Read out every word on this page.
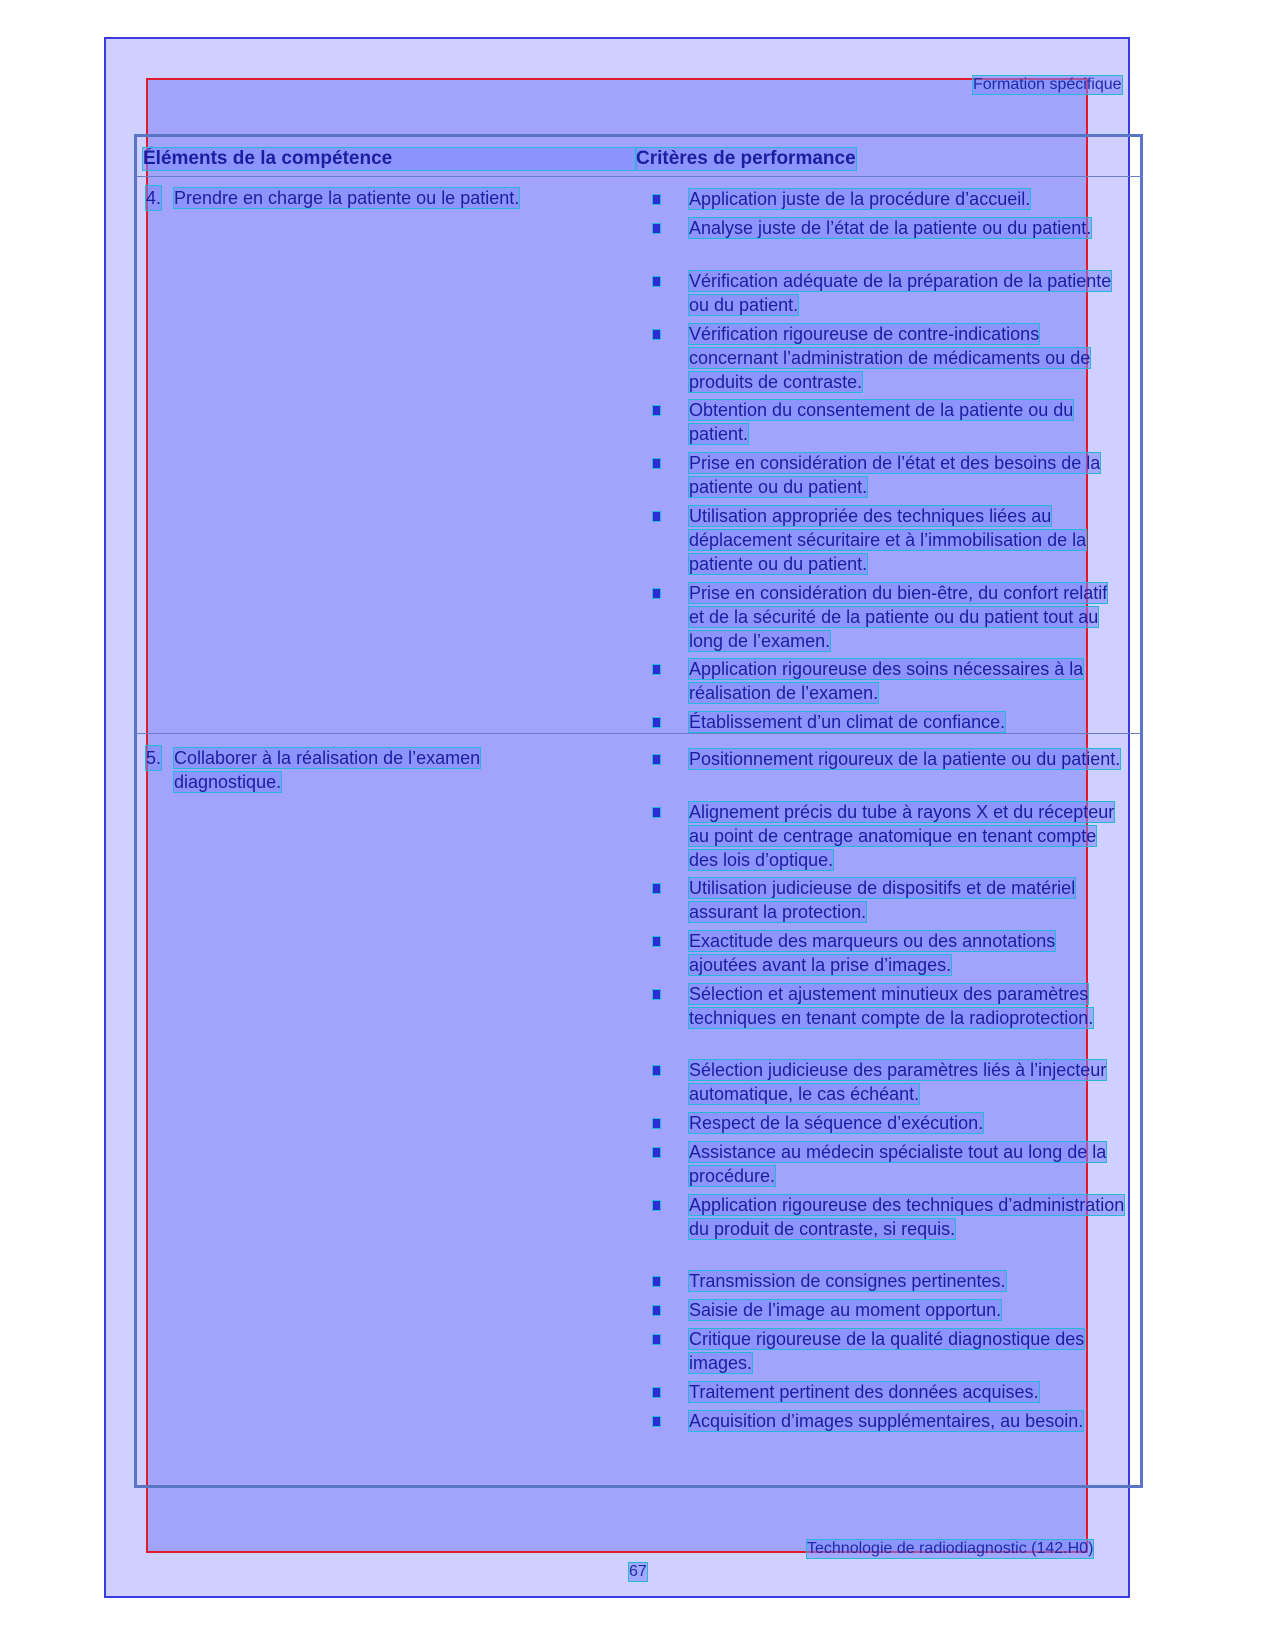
Formation spécifique
Éléments de la compétence	Critères de performance
4. Prendre en charge la patiente ou le patient.	Application juste de la procédure d’accueil.
Analyse juste de l’état de la patiente ou du patient.
Vérification adéquate de la préparation de la patiente ou du patient.
Vérification rigoureuse de contre-indications concernant l’administration de médicaments ou de produits de contraste.
Obtention du consentement de la patiente ou du patient.
Prise en considération de l’état et des besoins de la patiente ou du patient.
Utilisation appropriée des techniques liées au déplacement sécuritaire et à l’immobilisation de la patiente ou du patient.
Prise en considération du bien-être, du confort relatif et de la sécurité de la patiente ou du patient tout au long de l’examen.
Application rigoureuse des soins nécessaires à la réalisation de l’examen.
Établissement d’un climat de confiance.
5. Collaborer à la réalisation de l’examen diagnostique.
Positionnement rigoureux de la patiente ou du patient.
Alignement précis du tube à rayons X et du récepteur au point de centrage anatomique en tenant compte des lois d’optique.
Utilisation judicieuse de dispositifs et de matériel assurant la protection.
Exactitude des marqueurs ou des annotations ajoutées avant la prise d’images.
Sélection et ajustement minutieux des paramètres techniques en tenant compte de la radioprotection.
Sélection judicieuse des paramètres liés à l’injecteur automatique, le cas échéant.
Respect de la séquence d’exécution.
Assistance au médecin spécialiste tout au long de la procédure.
Application rigoureuse des techniques d’administration du produit de contraste, si requis.
Transmission de consignes pertinentes.
Saisie de l’image au moment opportun.
Critique rigoureuse de la qualité diagnostique des images.
Traitement pertinent des données acquises.
Acquisition d’images supplémentaires, au besoin.
Technologie de radiodiagnostic (142.H0)
67
